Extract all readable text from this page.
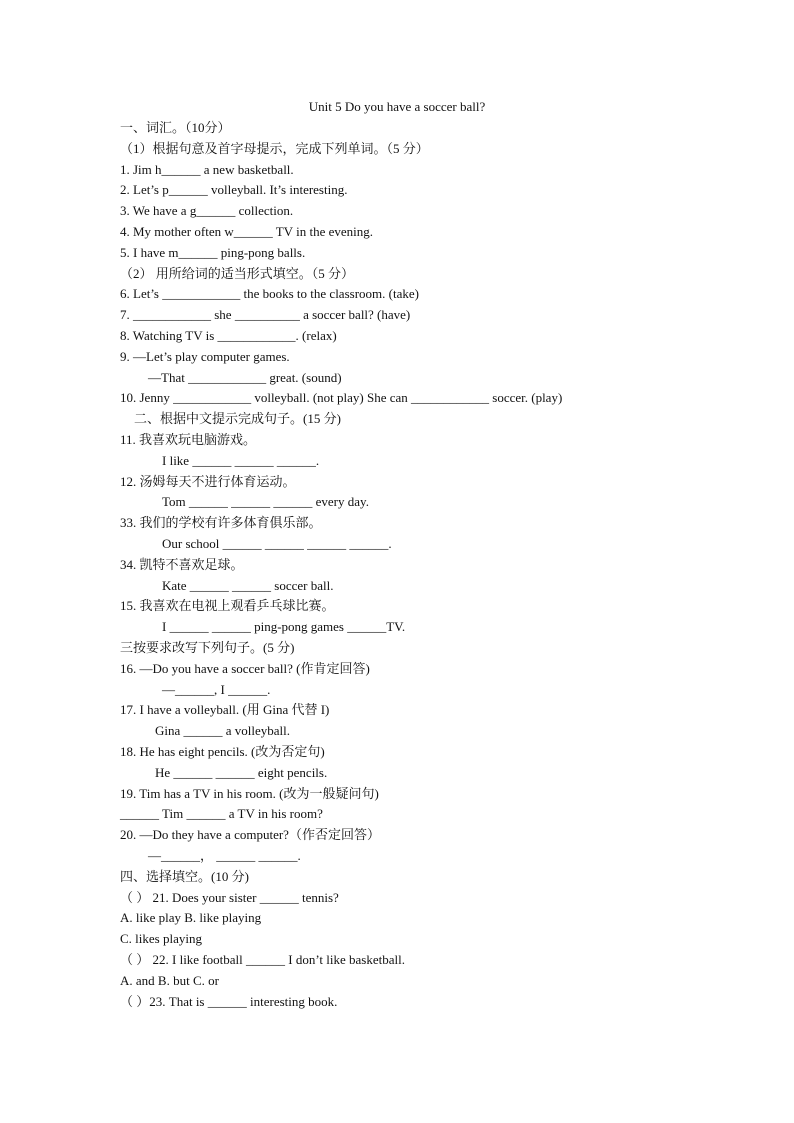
Unit 5 Do you have a soccer ball?
一、词汇。（10分）
（1）根据句意及首字母提示，完成下列单词。（5 分）
1. Jim h______ a new basketball.
2. Let’s p______ volleyball. It’s interesting.
3. We have a g______ collection.
4. My mother often w______ TV in the evening.
5. I have m______ ping-pong balls.
（2） 用所给词的适当形式填空。（5 分）
6. Let’s ____________ the books to the classroom. (take)
7. ____________ she __________ a soccer ball? (have)
8. Watching TV is ____________. (relax)
9. —Let’s play computer games.
—That ____________ great. (sound)
10. Jenny ____________ volleyball. (not play) She can ____________ soccer. (play)
二、根据中文提示完成句子。(15 分)
11. 我喜欢玩电脑游戏。
I like ______ ______ ______.
12. 汤姆每天不进行体育运动。
Tom ______ ______ ______ every day.
33. 我们的学校有许多体育俱乐部。
Our school ______ ______ ______ ______.
34. 凯特不喜欢足球。
Kate ______ ______ soccer ball.
15. 我喜欢在电视上观看乒乓球比赛。
I ______ ______ ping-pong games ______TV.
三按要求改写下列句子。(5 分)
16. —Do you have a soccer ball? (作肯定回答)
—______, I ______.
17. I have a volleyball. (用 Gina 代替 I)
Gina ______ a volleyball.
18. He has eight pencils. (改为否定句)
He ______ ______ eight pencils.
19. Tim has a TV in his room. (改为一般疑问句)
______ Tim ______ a TV in his room?
20. —Do they have a computer?（作否定回答）
—______， ______ ______.
四、选择填空。(10 分)
（ ） 21. Does your sister ______ tennis?
A. like play B. like playing
C. likes playing
（ ） 22. I like football ______ I don’t like basketball.
A. and B. but C. or
（ ）23. That is ______ interesting book.
